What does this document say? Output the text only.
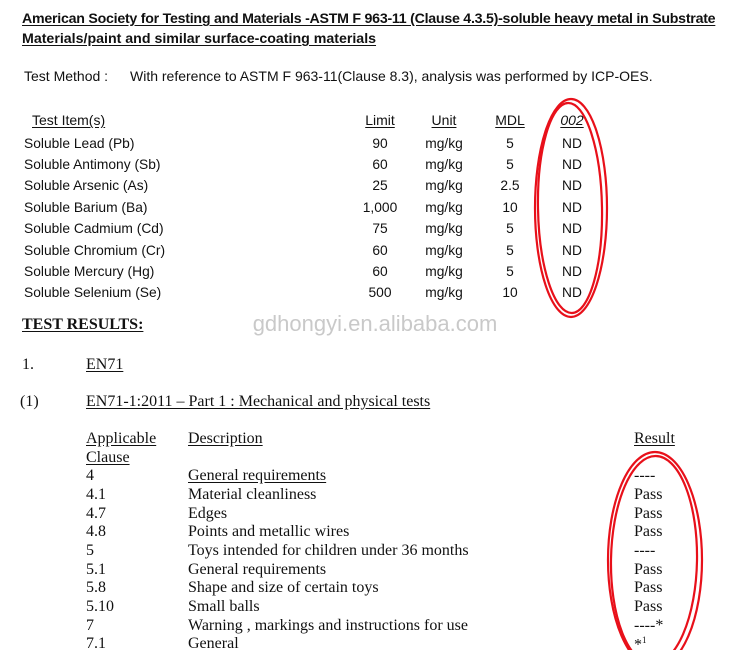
American Society for Testing and Materials -ASTM F 963-11 (Clause 4.3.5)-soluble heavy metal in Substrate
Materials/paint and similar surface-coating materials
Test Method : With reference to ASTM F 963-11(Clause 8.3), analysis was performed by ICP-OES.
Test Item(s)	Limit	Unit	MDL	002
Soluble Lead (Pb)	90	mg/kg	5	ND
Soluble Antimony (Sb)	60	mg/kg	5	ND
Soluble Arsenic (As)	25	mg/kg	2.5	ND
Soluble Barium (Ba)	1,000	mg/kg	10	ND
Soluble Cadmium (Cd)	75	mg/kg	5	ND
Soluble Chromium (Cr)	60	mg/kg	5	ND
Soluble Mercury (Hg)	60	mg/kg	5	ND
Soluble Selenium (Se)	500	mg/kg	10	ND
gdhongyi.en.alibaba.com
TEST RESULTS:
1.	EN71
(1)	EN71-1:2011 – Part 1 : Mechanical and physical tests
Applicable
Clause
Description	Result
4	General requirements	----
4.1	Material cleanliness	Pass
4.7	Edges	Pass
4.8	Points and metallic wires	Pass
5	Toys intended for children under 36 months	----
5.1	General requirements	Pass
5.8	Shape and size of certain toys	Pass
5.10	Small balls	Pass
7	Warning , markings and instructions for use	----*
7.1	General	*$^1$
